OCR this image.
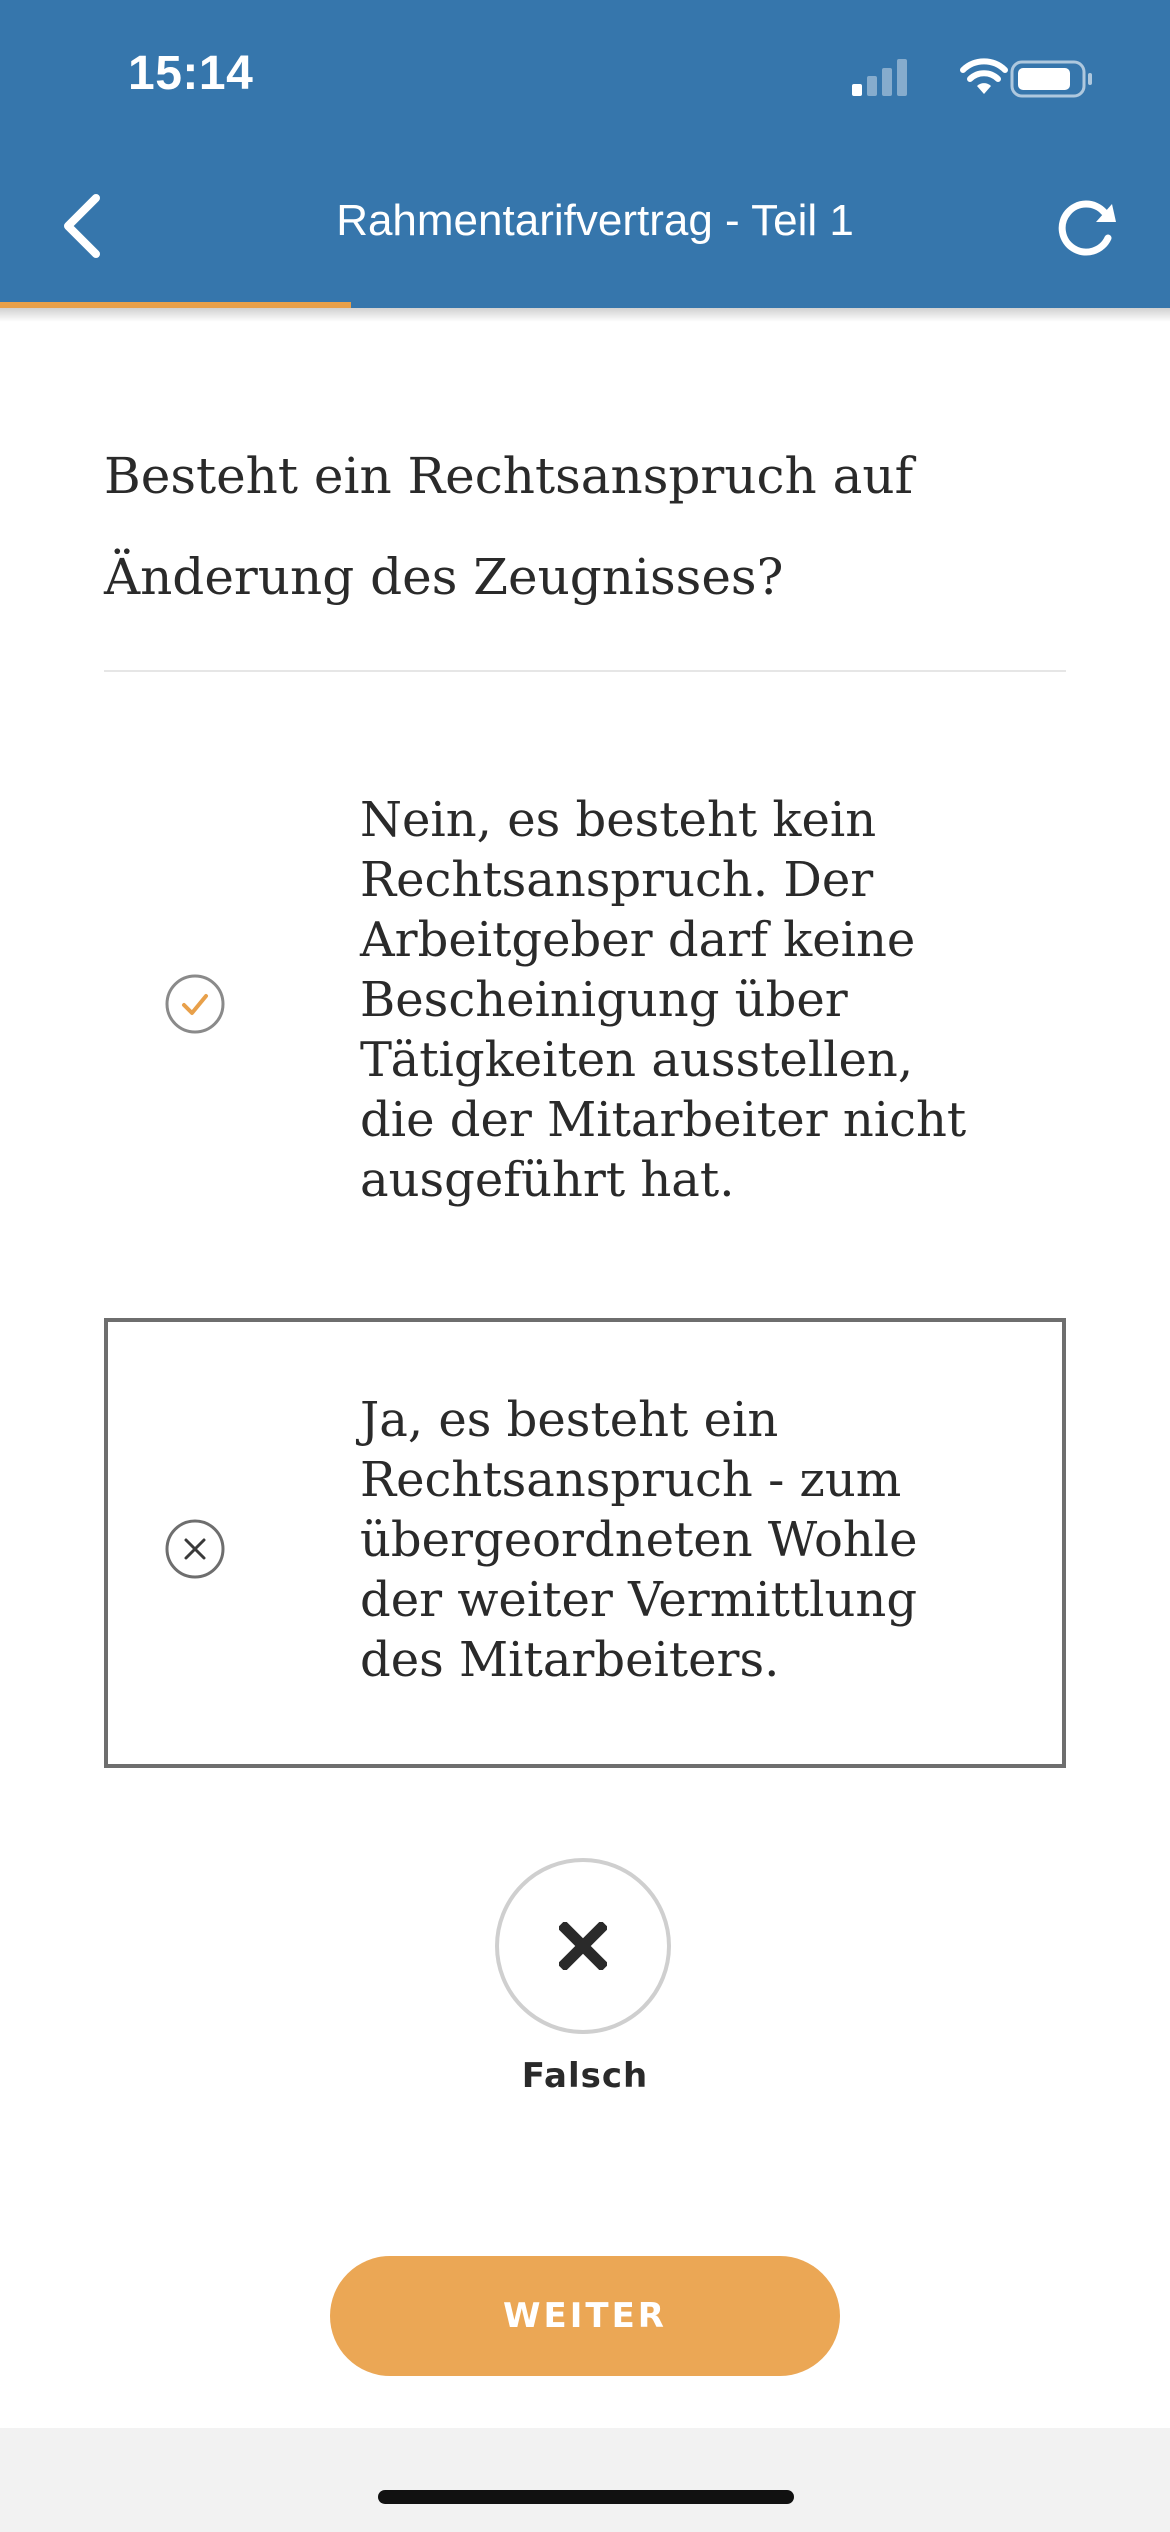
15:14
Rahmentarifvertrag - Teil 1
Besteht ein Rechtsanspruch auf Änderung des Zeugnisses?
Nein, es besteht kein Rechtsanspruch. Der Arbeitgeber darf keine Bescheinigung über Tätigkeiten ausstellen, die der Mitarbeiter nicht ausgeführt hat.
Ja, es besteht ein Rechtsanspruch - zum übergeordneten Wohle der weiter Vermittlung des Mitarbeiters.
Falsch
WEITER
